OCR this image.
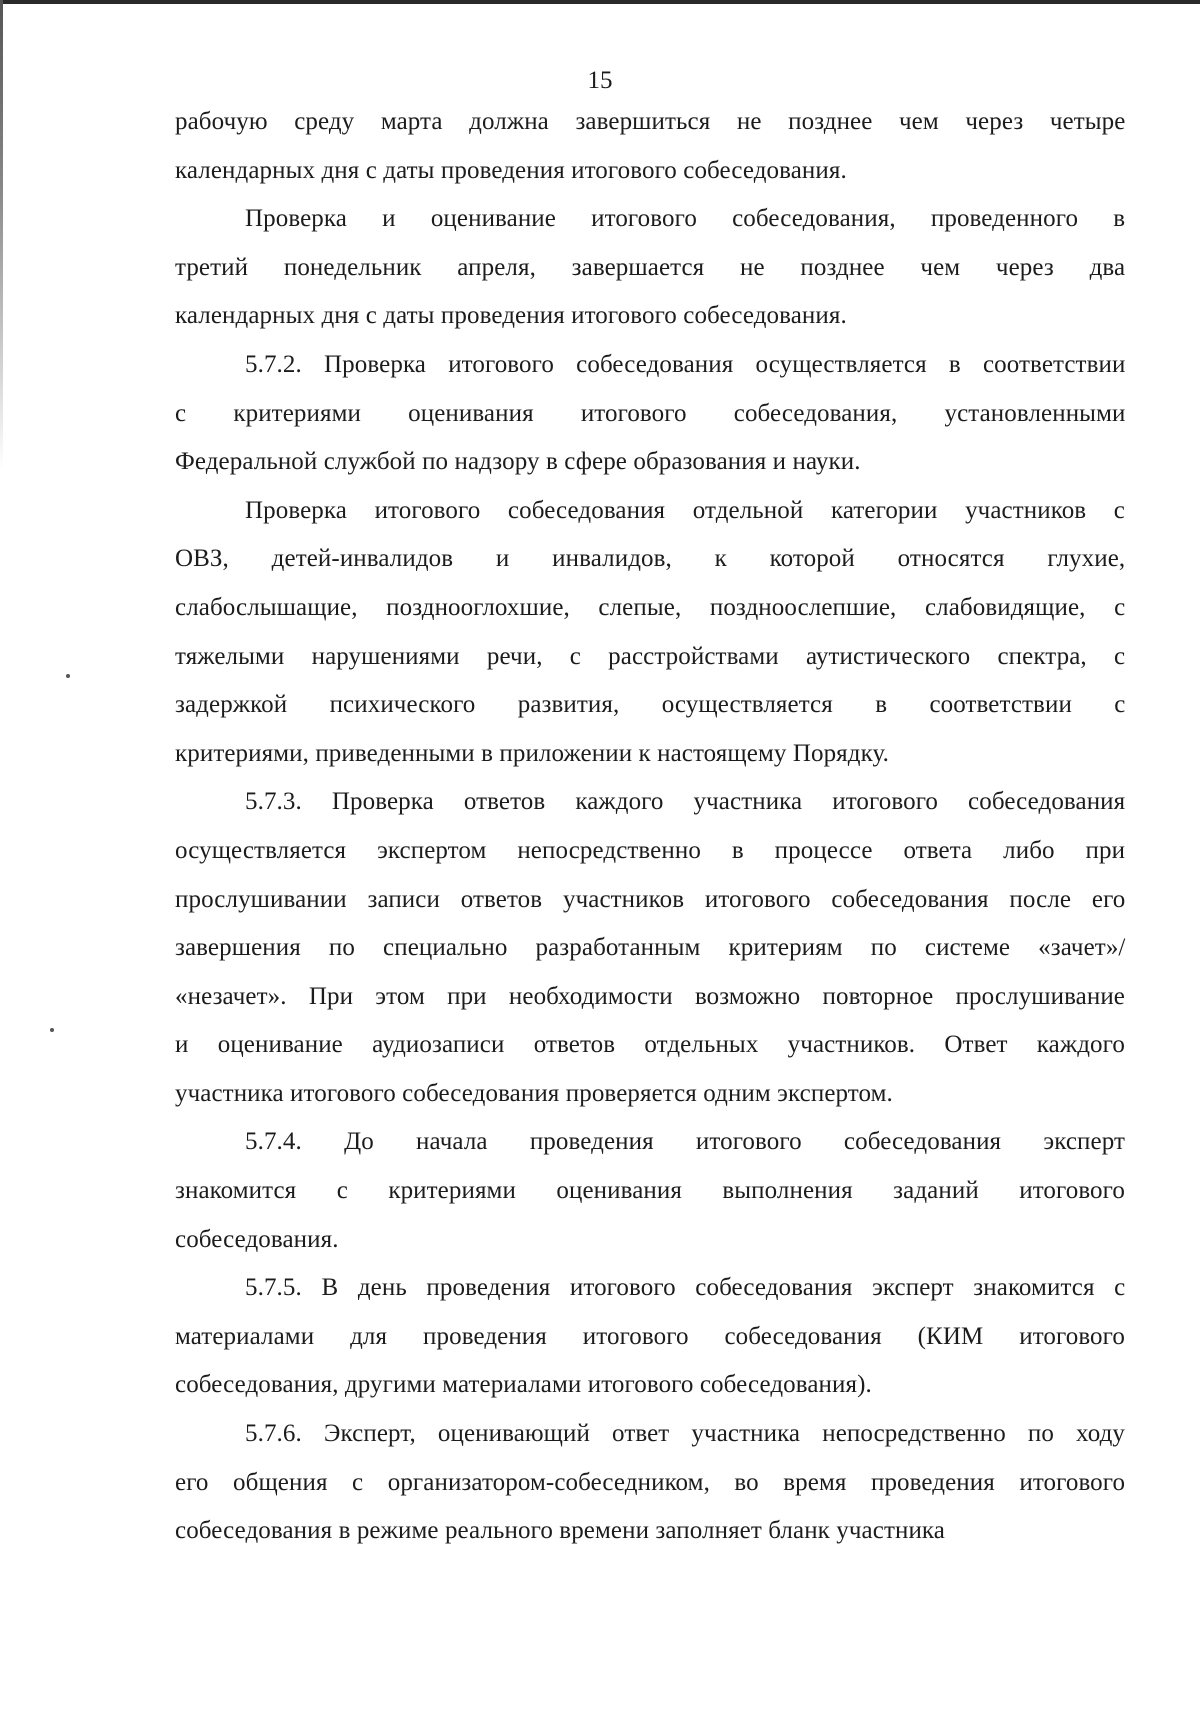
15
рабочую среду марта должна завершиться не позднее чем через четыре
календарных дня с даты проведения итогового собеседования.
Проверка и оценивание итогового собеседования, проведенного в
третий понедельник апреля, завершается не позднее чем через два
календарных дня с даты проведения итогового собеседования.
5.7.2. Проверка итогового собеседования осуществляется в соответствии
с критериями оценивания итогового собеседования, установленными
Федеральной службой по надзору в сфере образования и науки.
Проверка итогового собеседования отдельной категории участников с
ОВЗ, детей-инвалидов и инвалидов, к которой относятся глухие,
слабослышащие, позднооглохшие, слепые, поздноослепшие, слабовидящие, с
тяжелыми нарушениями речи, с расстройствами аутистического спектра, с
задержкой психического развития, осуществляется в соответствии с
критериями, приведенными в приложении к настоящему Порядку.
5.7.3. Проверка ответов каждого участника итогового собеседования
осуществляется экспертом непосредственно в процессе ответа либо при
прослушивании записи ответов участников итогового собеседования после его
завершения по специально разработанным критериям по системе «зачет»/
«незачет». При этом при необходимости возможно повторное прослушивание
и оценивание аудиозаписи ответов отдельных участников. Ответ каждого
участника итогового собеседования проверяется одним экспертом.
5.7.4. До начала проведения итогового собеседования эксперт
знакомится с критериями оценивания выполнения заданий итогового
собеседования.
5.7.5. В день проведения итогового собеседования эксперт знакомится с
материалами для проведения итогового собеседования (КИМ итогового
собеседования, другими материалами итогового собеседования).
5.7.6. Эксперт, оценивающий ответ участника непосредственно по ходу
его общения с организатором-собеседником, во время проведения итогового
собеседования в режиме реального времени заполняет бланк участника
